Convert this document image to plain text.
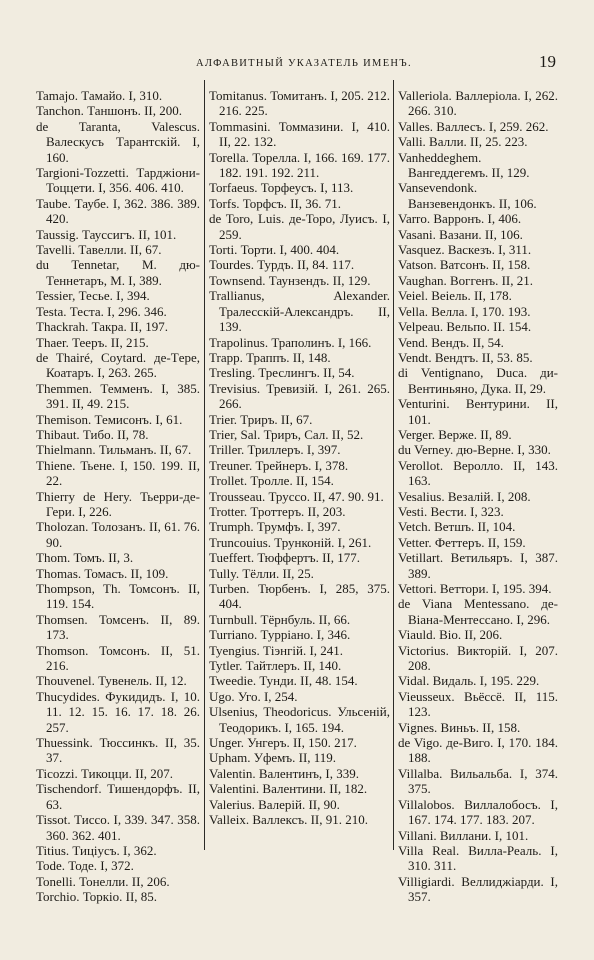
АЛФАВИТНЫЙ УКАЗАТЕЛЬ ИМЕНЪ.	19
Tamajo. Тамайо. I, 310.
Tanchon. Таншонъ. II, 200.
de Taranta, Valescus. Валескусъ Тарантскій. I, 160.
Targioni-Tozzetti. Тарджіони-Тоццети. I, 356. 406. 410.
Taube. Таубе. I, 362. 386. 389. 420.
Taussig. Тауссигъ. II, 101.
Tavelli. Тавелли. II, 67.
du Tennetar, M. дю-Теннетаръ, M. I, 389.
Tessier, Тесье. I, 394.
Testa. Теста. I, 296. 346.
Thackrah. Такра. II, 197.
Thaer. Тееръ. II, 215.
de Thairé, Coytard. де-Tере, Коатаръ. I, 263. 265.
Themmen. Темменъ. I, 385. 391. II, 49. 215.
Themison. Темисонъ. I, 61.
Thibaut. Тибо. II, 78.
Thielmann. Тильманъ. II, 67.
Thiene. Тьене. I, 150. 199. II, 22.
Thierry de Hery. Тьерри-де-Гери. I, 226.
Tholozan. Толозанъ. II, 61. 76. 90.
Thom. Томъ. II, 3.
Thomas. Томасъ. II, 109.
Thompson, Th. Томсонъ. II, 119. 154.
Thomsen. Томсенъ. II, 89. 173.
Thomson. Томсонъ. II, 51. 216.
Thouvenel. Тувенель. II, 12.
Thucydides. Фукидидъ. I, 10. 11. 12. 15. 16. 17. 18. 26. 257.
Thuessink. Тюссинкъ. II, 35. 37.
Ticozzi. Тикоцци. II, 207.
Tischendorf. Тишендорфъ. II, 63.
Tissot. Тиссо. I, 339. 347. 358. 360. 362. 401.
Titius. Тиціусъ. I, 362.
Tode. Тоде. I, 372.
Tonelli. Тонелли. II, 206.
Torchio. Торкіо. II, 85.
Tomitanus. Томитанъ. I, 205. 212. 216. 225.
Tommasini. Томмазини. I, 410. II, 22. 132.
Torella. Торелла. I, 166. 169. 177. 182. 191. 192. 211.
Torfaeus. Торфеусъ. I, 113.
Torfs. Торфсъ. II, 36. 71.
de Toro, Luis. де-Торо, Луисъ. I, 259.
Torti. Торти. I, 400. 404.
Tourdes. Турдъ. II, 84. 117.
Townsend. Таунзендъ. II, 129.
Trallianus, Alexander. Тралесскій-Александръ. II, 139.
Trapolinus. Траполинъ. I, 166.
Trapp. Траппъ. II, 148.
Tresling. Треслингъ. II, 54.
Trevisius. Тревизій. I, 261. 265. 266.
Trier. Триръ. II, 67.
Trier, Sal. Триръ, Сал. II, 52.
Triller. Триллеръ. I, 397.
Treuner. Трейнеръ. I, 378.
Trollet. Тролле. II, 154.
Trousseau. Труссо. II, 47. 90. 91.
Trotter. Троттеръ. II, 203.
Trumph. Трумфъ. I, 397.
Truncouius. Трунконій. I, 261.
Tueffert. Тюффертъ. II, 177.
Tully. Тёлли. II, 25.
Turben. Тюрбенъ. I, 285, 375. 404.
Turnbull. Тёрнбуль. II, 66.
Turriano. Турріано. I, 346.
Tyengius. Тіэнгій. I, 241.
Tytler. Тайтлеръ. II, 140.
Tweedie. Тунди. II, 48. 154.
Ugo. Уго. I, 254.
Ulsenius, Theodoricus. Ульсеній, Теодорикъ. I, 165. 194.
Unger. Унгеръ. II, 150. 217.
Upham. Уфемъ. II, 119.
Valentin. Валентинъ, I, 339.
Valentini. Валентини. II, 182.
Valerius. Валерій. II, 90.
Valleix. Валлексъ. II, 91. 210.
Valleriola. Валлеріола. I, 262. 266. 310.
Valles. Валлесъ. I, 259. 262.
Valli. Валли. II, 25. 223.
Vanheddeghem. Вангеддегемъ. II, 129.
Vansevendonk. Ванзевендонкъ. II, 106.
Varro. Варронъ. I, 406.
Vasani. Вазани. II, 106.
Vasquez. Васкезъ. I, 311.
Vatson. Ватсонъ. II, 158.
Vaughan. Воггенъ. II, 21.
Veiel. Веіель. II, 178.
Vella. Велла. I, 170. 193.
Velpeau. Вельпо. II. 154.
Vend. Вендъ. II, 54.
Vendt. Вендтъ. II, 53. 85.
di Ventignano, Duca. ди-Вентиньяно, Дука. II, 29.
Venturini. Вентурини. II, 101.
Verger. Верже. II, 89.
du Verney. дю-Верне. I, 330.
Verollot. Веролло. II, 143. 163.
Vesalius. Везалій. I, 208.
Vesti. Вести. I, 323.
Vetch. Ветшъ. II, 104.
Vetter. Феттеръ. II, 159.
Vetillart. Ветильяръ. I, 387. 389.
Vettori. Веттори. I, 195. 394.
de Viana Mentessano. де-Віана-Ментессано. I, 296.
Viauld. Віо. II, 206.
Victorius. Викторій. I, 207. 208.
Vidal. Видаль. I, 195. 229.
Vieusseux. Вьёссё. II, 115. 123.
Vignes. Виньъ. II, 158.
de Vigo. де-Виго. I, 170. 184. 188.
Villalba. Вильальба. I, 374. 375.
Villalobos. Виллалобосъ. I, 167. 174. 177. 183. 207.
Villani. Виллани. I, 101.
Villa Real. Вилла-Реаль. I, 310. 311.
Villigiardi. Веллиджіарди. I, 357.
